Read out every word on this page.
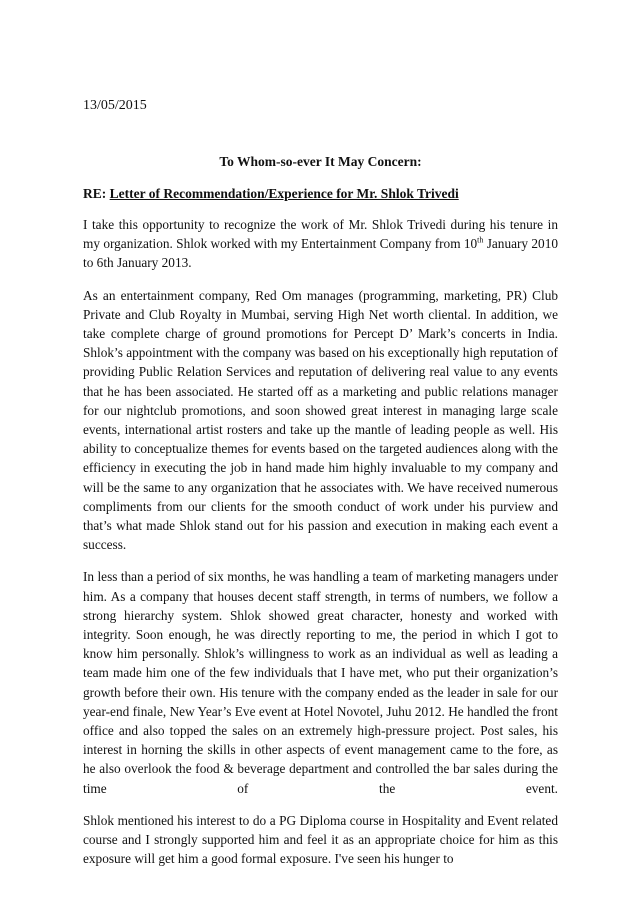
13/05/2015
To Whom-so-ever It May Concern:
RE: Letter of Recommendation/Experience for Mr. Shlok Trivedi

I take this opportunity to recognize the work of Mr. Shlok Trivedi during his tenure in my organization. Shlok worked with my Entertainment Company from 10th January 2010 to 6th January 2013.

As an entertainment company, Red Om manages (programming, marketing, PR) Club Private and Club Royalty in Mumbai, serving High Net worth cliental. In addition, we take complete charge of ground promotions for Percept D’ Mark’s concerts in India. Shlok’s appointment with the company was based on his exceptionally high reputation of providing Public Relation Services and reputation of delivering real value to any events that he has been associated. He started off as a marketing and public relations manager for our nightclub promotions, and soon showed great interest in managing large scale events, international artist rosters and take up the mantle of leading people as well. His ability to conceptualize themes for events based on the targeted audiences along with the efficiency in executing the job in hand made him highly invaluable to my company and will be the same to any organization that he associates with. We have received numerous compliments from our clients for the smooth conduct of work under his purview and that’s what made Shlok stand out for his passion and execution in making each event a success.

In less than a period of six months, he was handling a team of marketing managers under him. As a company that houses decent staff strength, in terms of numbers, we follow a strong hierarchy system. Shlok showed great character, honesty and worked with integrity. Soon enough, he was directly reporting to me, the period in which I got to know him personally. Shlok’s willingness to work as an individual as well as leading a team made him one of the few individuals that I have met, who put their organization’s growth before their own. His tenure with the company ended as the leader in sale for our year-end finale, New Year’s Eve event at Hotel Novotel, Juhu 2012. He handled the front office and also topped the sales on an extremely high-pressure project. Post sales, his interest in horning the skills in other aspects of event management came to the fore, as he also overlook the food & beverage department and controlled the bar sales during the time of the event.

Shlok mentioned his interest to do a PG Diploma course in Hospitality and Event related course and I strongly supported him and feel it as an appropriate choice for him as this exposure will get him a good formal exposure. I've seen his hunger to
